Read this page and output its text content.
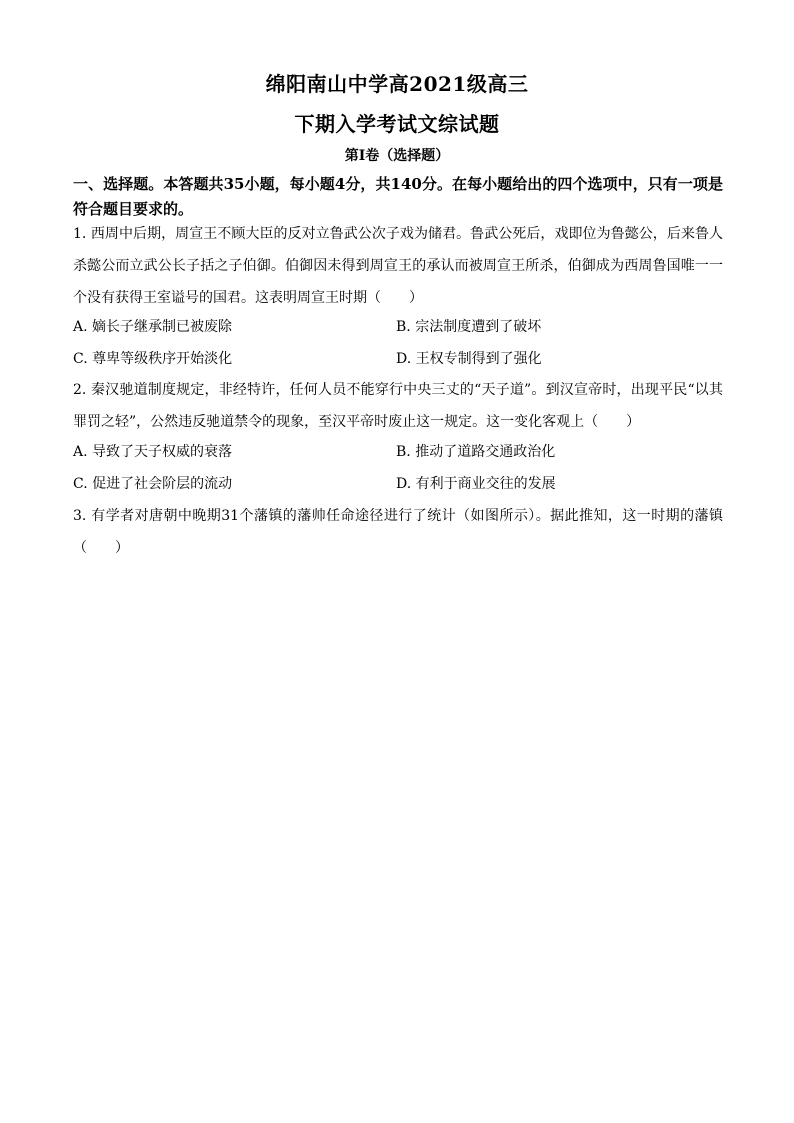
绵阳南山中学高2021级高三
下期入学考试文综试题
第Ⅰ卷（选择题）
一、选择题。本答题共35小题，每小题4分，共140分。在每小题给出的四个选项中，只有一项是符合题目要求的。
1. 西周中后期，周宣王不顾大臣的反对立鲁武公次子戏为储君。鲁武公死后，戏即位为鲁懿公，后来鲁人杀懿公而立武公长子括之子伯御。伯御因未得到周宣王的承认而被周宣王所杀，伯御成为西周鲁国唯一一个没有获得王室谥号的国君。这表明周宣王时期（　　）
A. 嫡长子继承制已被废除	B. 宗法制度遭到了破坏
C. 尊卑等级秩序开始淡化	D. 王权专制得到了强化
2. 秦汉驰道制度规定，非经特许，任何人员不能穿行中央三丈的“天子道”。到汉宣帝时，出现平民“以其罪罚之轻”，公然违反驰道禁令的现象，至汉平帝时废止这一规定。这一变化客观上（　　）
A. 导致了天子权威的衰落	B. 推动了道路交通政治化
C. 促进了社会阶层的流动	D. 有利于商业交往的发展
3. 有学者对唐朝中晚期31个藩镇的藩帅任命途径进行了统计（如图所示）。据此推知，这一时期的藩镇（　　）
